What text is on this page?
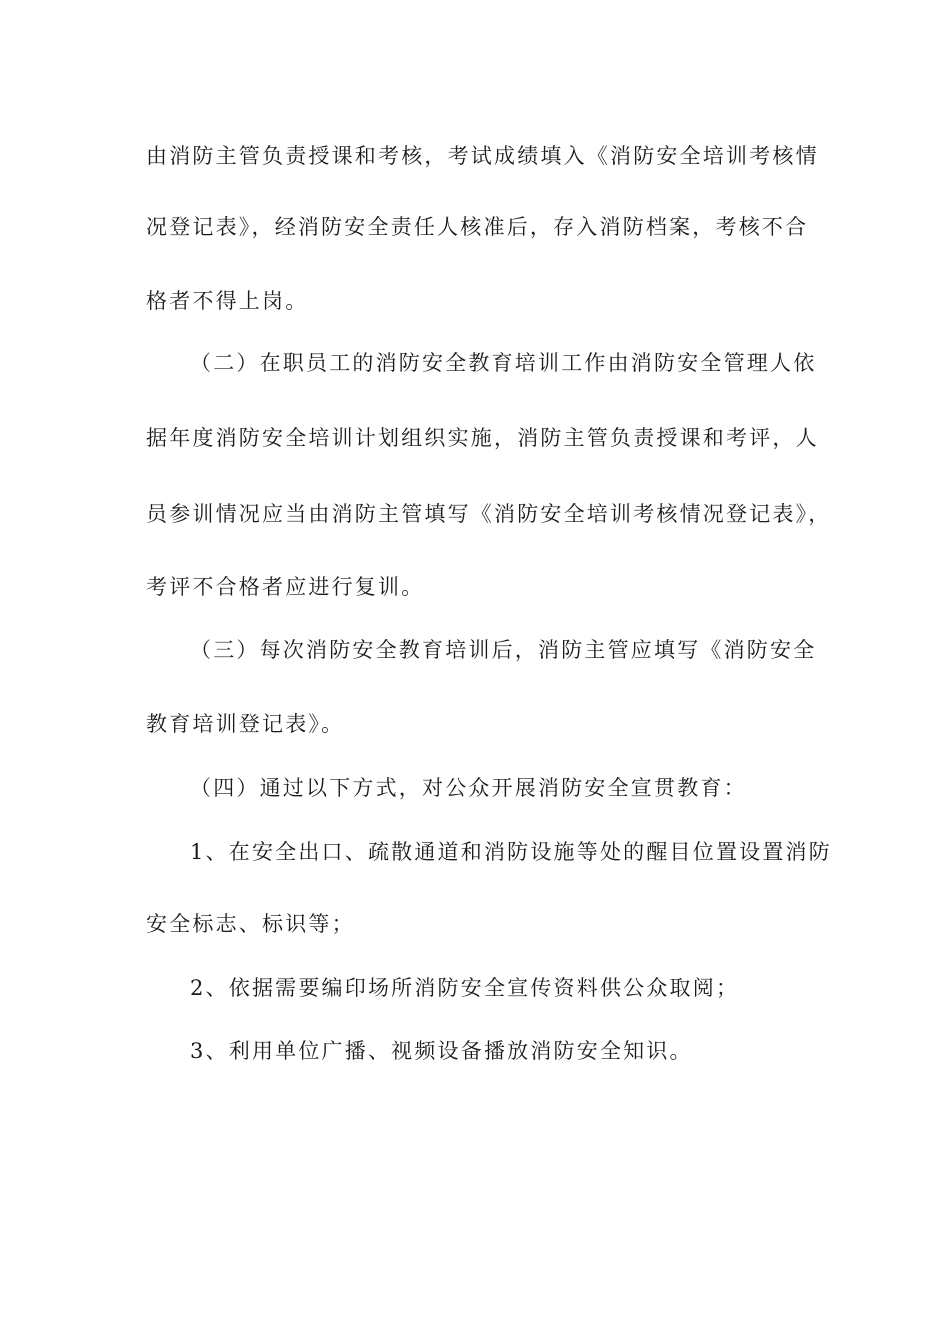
由消防主管负责授课和考核，考试成绩填入《消防安全培训考核情
况登记表》，经消防安全责任人核准后，存入消防档案，考核不合
格者不得上岗。
（二）在职员工的消防安全教育培训工作由消防安全管理人依
据年度消防安全培训计划组织实施，消防主管负责授课和考评，人
员参训情况应当由消防主管填写《消防安全培训考核情况登记表》，
考评不合格者应进行复训。
（三）每次消防安全教育培训后，消防主管应填写《消防安全
教育培训登记表》。
（四）通过以下方式，对公众开展消防安全宣贯教育：
1、在安全出口、疏散通道和消防设施等处的醒目位置设置消防
安全标志、标识等；
2、依据需要编印场所消防安全宣传资料供公众取阅；
3、利用单位广播、视频设备播放消防安全知识。
